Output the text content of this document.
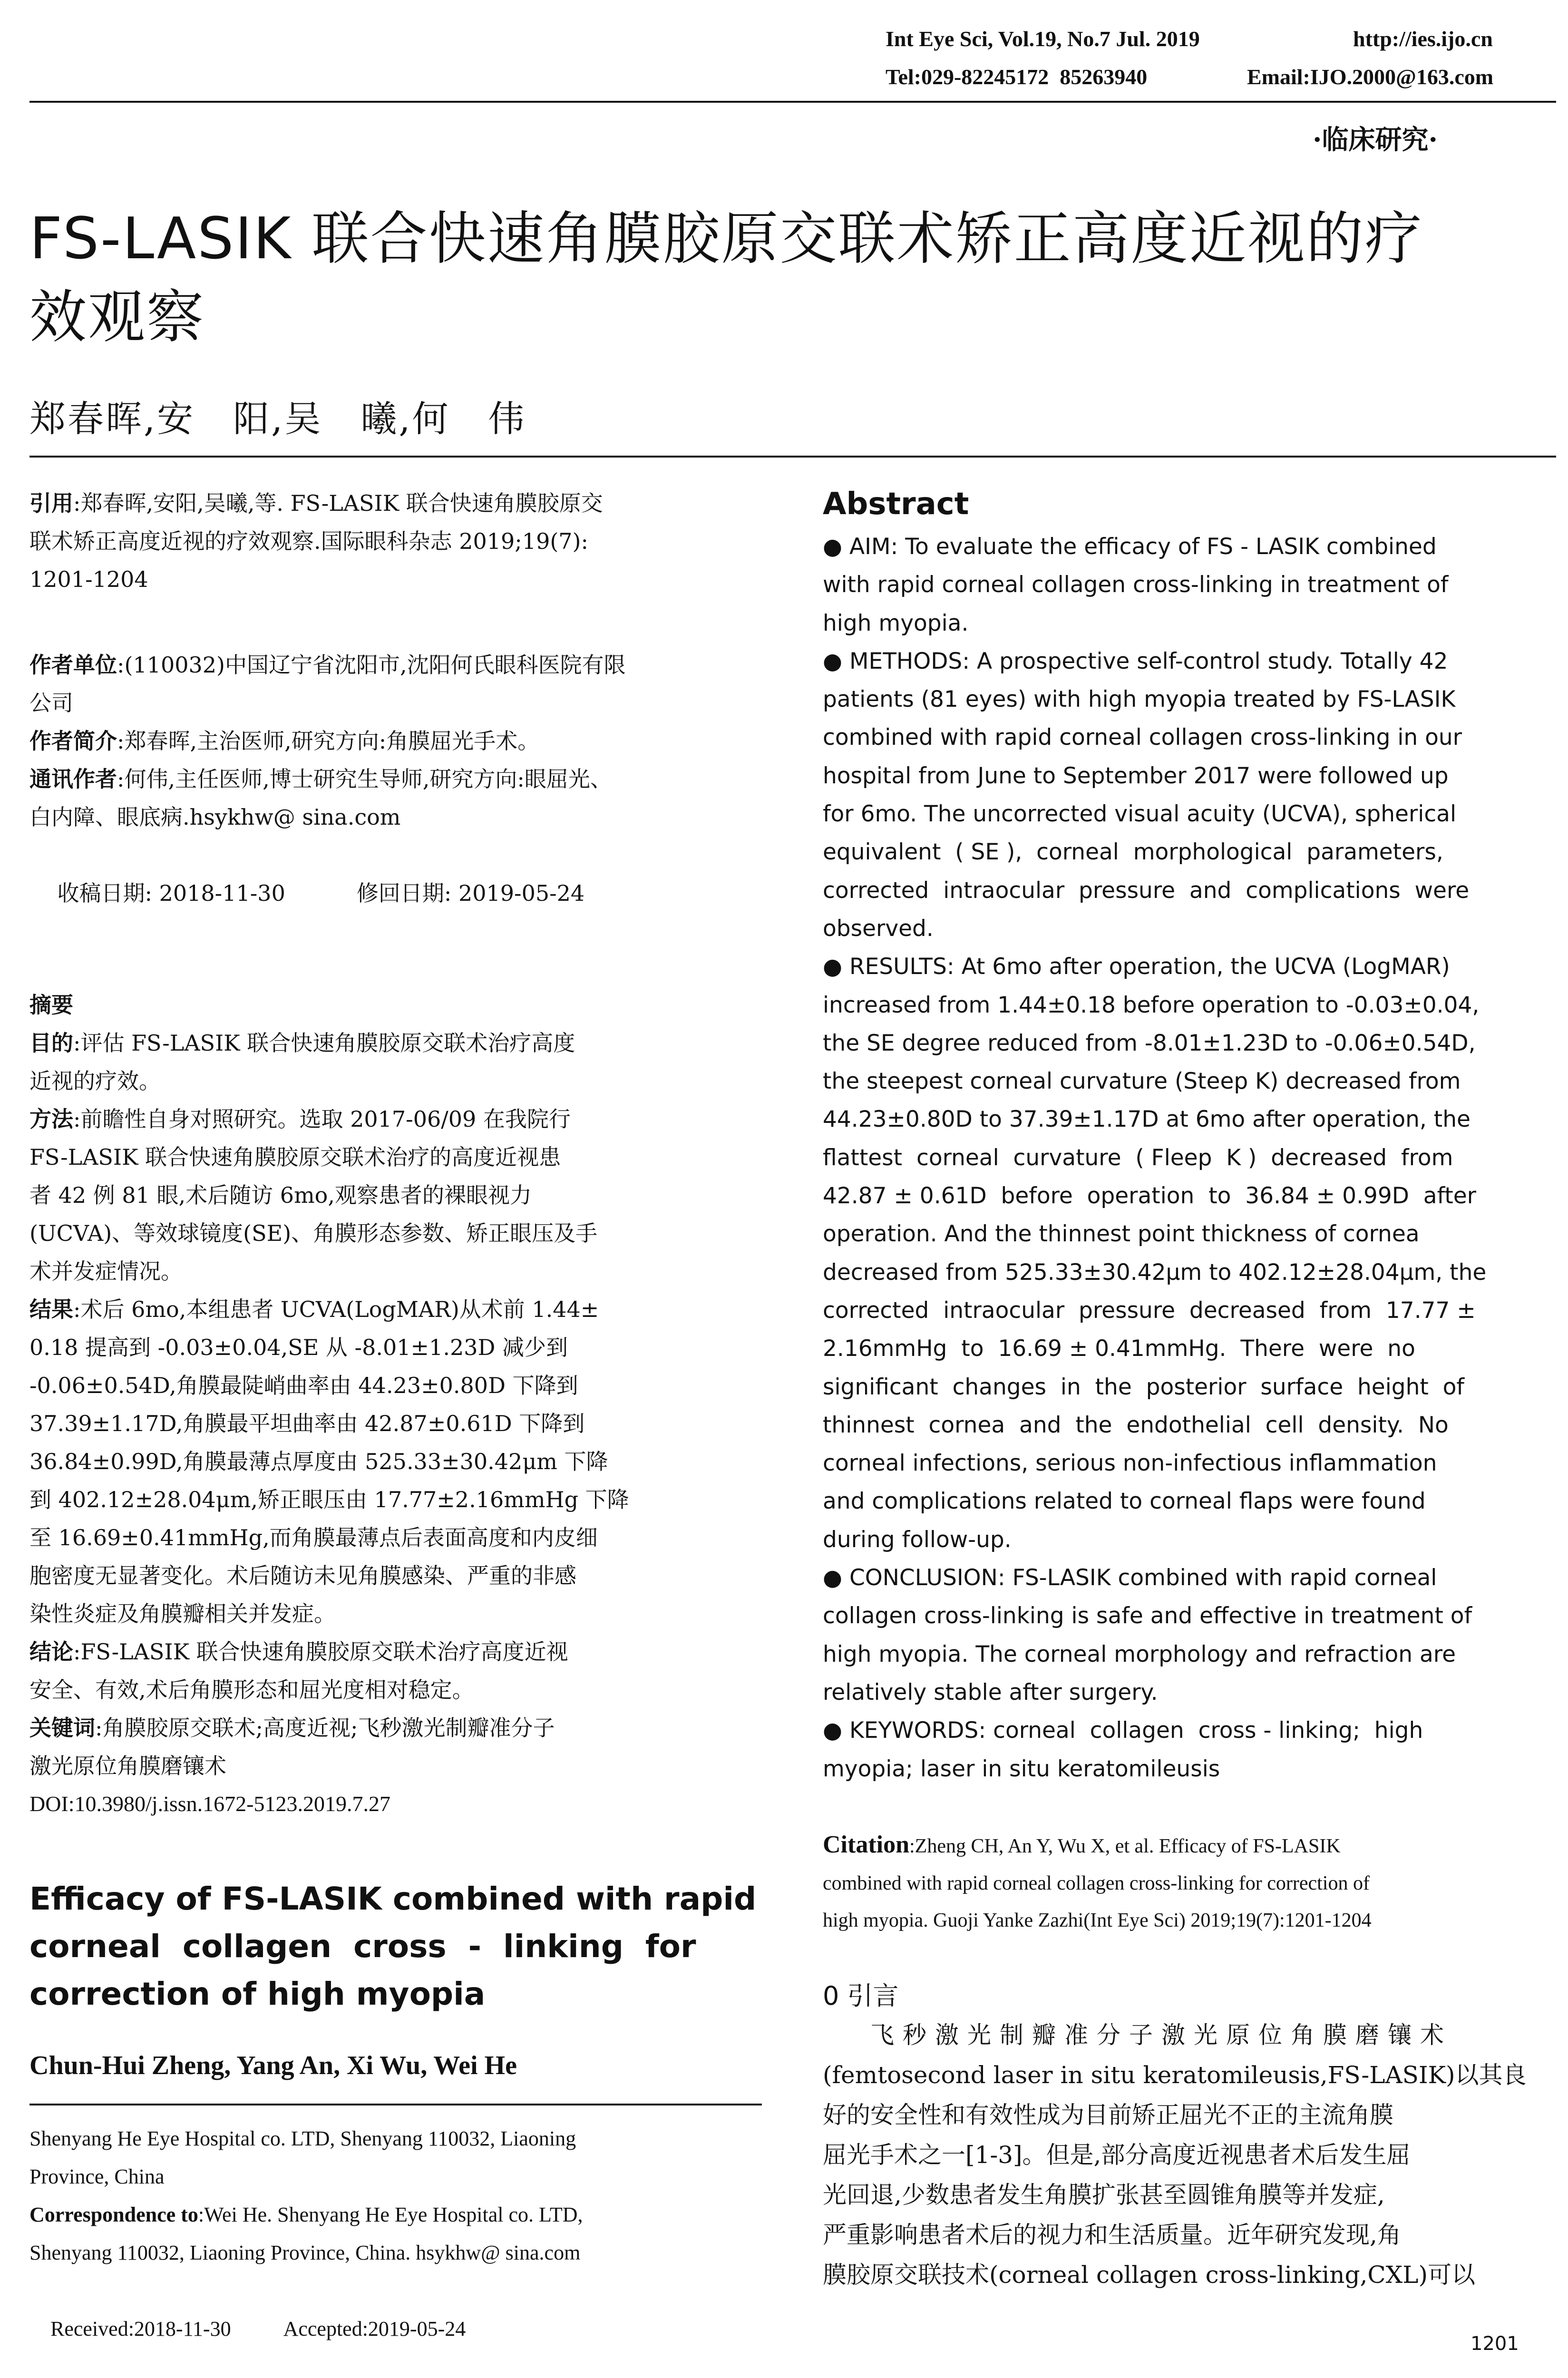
Int Eye Sci, Vol.19, No.7 Jul. 2019	http://ies.ijo.cn
Tel:029-82245172  85263940	Email:IJO.2000@163.com
·临床研究·
FS-LASIK 联合快速角膜胶原交联术矫正高度近视的疗
效观察
郑春晖,安　阳,吴　曦,何　伟
引用:郑春晖,安阳,吴曦,等. FS-LASIK 联合快速角膜胶原交
联术矫正高度近视的疗效观察.国际眼科杂志 2019;19(7):
1201-1204
作者单位:(110032)中国辽宁省沈阳市,沈阳何氏眼科医院有限
公司
作者简介:郑春晖,主治医师,研究方向:角膜屈光手术。
通讯作者:何伟,主任医师,博士研究生导师,研究方向:眼屈光、
白内障、眼底病.hsykhw@ sina.com

收稿日期: 2018-11-30	修回日期: 2019-05-24

摘要
目的:评估 FS-LASIK 联合快速角膜胶原交联术治疗高度
近视的疗效。
方法:前瞻性自身对照研究。选取 2017-06/09 在我院行
FS-LASIK 联合快速角膜胶原交联术治疗的高度近视患
者 42 例 81 眼,术后随访 6mo,观察患者的裸眼视力
(UCVA)、等效球镜度(SE)、角膜形态参数、矫正眼压及手
术并发症情况。
结果:术后 6mo,本组患者 UCVA(LogMAR)从术前 1.44±
0.18 提高到 -0.03±0.04,SE 从 -8.01±1.23D 减少到
-0.06±0.54D,角膜最陡峭曲率由 44.23±0.80D 下降到
37.39±1.17D,角膜最平坦曲率由 42.87±0.61D 下降到
36.84±0.99D,角膜最薄点厚度由 525.33±30.42μm 下降
到 402.12±28.04μm,矫正眼压由 17.77±2.16mmHg 下降
至 16.69±0.41mmHg,而角膜最薄点后表面高度和内皮细
胞密度无显著变化。术后随访未见角膜感染、严重的非感
染性炎症及角膜瓣相关并发症。
结论:FS-LASIK 联合快速角膜胶原交联术治疗高度近视
安全、有效,术后角膜形态和屈光度相对稳定。
关键词:角膜胶原交联术;高度近视;飞秒激光制瓣准分子
激光原位角膜磨镶术
DOI:10.3980/j.issn.1672-5123.2019.7.27
Efficacy of FS-LASIK combined with rapid
corneal  collagen  cross  -  linking  for
correction of high myopia
Chun-Hui Zheng, Yang An, Xi Wu, Wei He
Shenyang He Eye Hospital co. LTD, Shenyang 110032, Liaoning
Province, China
Correspondence to:Wei He. Shenyang He Eye Hospital co. LTD,
Shenyang 110032, Liaoning Province, China. hsykhw@ sina.com

Received:2018-11-30	Accepted:2019-05-24

Abstract
● AIM: To evaluate the efficacy of FS - LASIK combined
with rapid corneal collagen cross-linking in treatment of
high myopia.
● METHODS: A prospective self-control study. Totally 42
patients (81 eyes) with high myopia treated by FS-LASIK
combined with rapid corneal collagen cross-linking in our
hospital from June to September 2017 were followed up
for 6mo. The uncorrected visual acuity (UCVA), spherical
equivalent  ( SE ),  corneal  morphological  parameters,
corrected  intraocular  pressure  and  complications  were
observed.
● RESULTS: At 6mo after operation, the UCVA (LogMAR)
increased from 1.44±0.18 before operation to -0.03±0.04,
the SE degree reduced from -8.01±1.23D to -0.06±0.54D,
the steepest corneal curvature (Steep K) decreased from
44.23±0.80D to 37.39±1.17D at 6mo after operation, the
flattest  corneal  curvature  ( Fleep  K )  decreased  from
42.87 ± 0.61D  before  operation  to  36.84 ± 0.99D  after
operation. And the thinnest point thickness of cornea
decreased from 525.33±30.42μm to 402.12±28.04μm, the
corrected  intraocular  pressure  decreased  from  17.77 ±
2.16mmHg  to  16.69 ± 0.41mmHg.  There  were  no
significant  changes  in  the  posterior  surface  height  of
thinnest  cornea  and  the  endothelial  cell  density.  No
corneal infections, serious non-infectious inflammation
and complications related to corneal flaps were found
during follow-up.
● CONCLUSION: FS-LASIK combined with rapid corneal
collagen cross-linking is safe and effective in treatment of
high myopia. The corneal morphology and refraction are
relatively stable after surgery.
● KEYWORDS: corneal  collagen  cross - linking;  high
myopia; laser in situ keratomileusis
Citation:Zheng CH, An Y, Wu X, et al. Efficacy of FS-LASIK
combined with rapid corneal collagen cross-linking for correction of
high myopia. Guoji Yanke Zazhi(Int Eye Sci) 2019;19(7):1201-1204
0 引言
飞秒激光制瓣准分子激光原位角膜磨镶术
(femtosecond laser in situ keratomileusis,FS-LASIK)以其良
好的安全性和有效性成为目前矫正屈光不正的主流角膜
屈光手术之一[1-3]。但是,部分高度近视患者术后发生屈
光回退,少数患者发生角膜扩张甚至圆锥角膜等并发症,
严重影响患者术后的视力和生活质量。近年研究发现,角
膜胶原交联技术(corneal collagen cross-linking,CXL)可以
1201
